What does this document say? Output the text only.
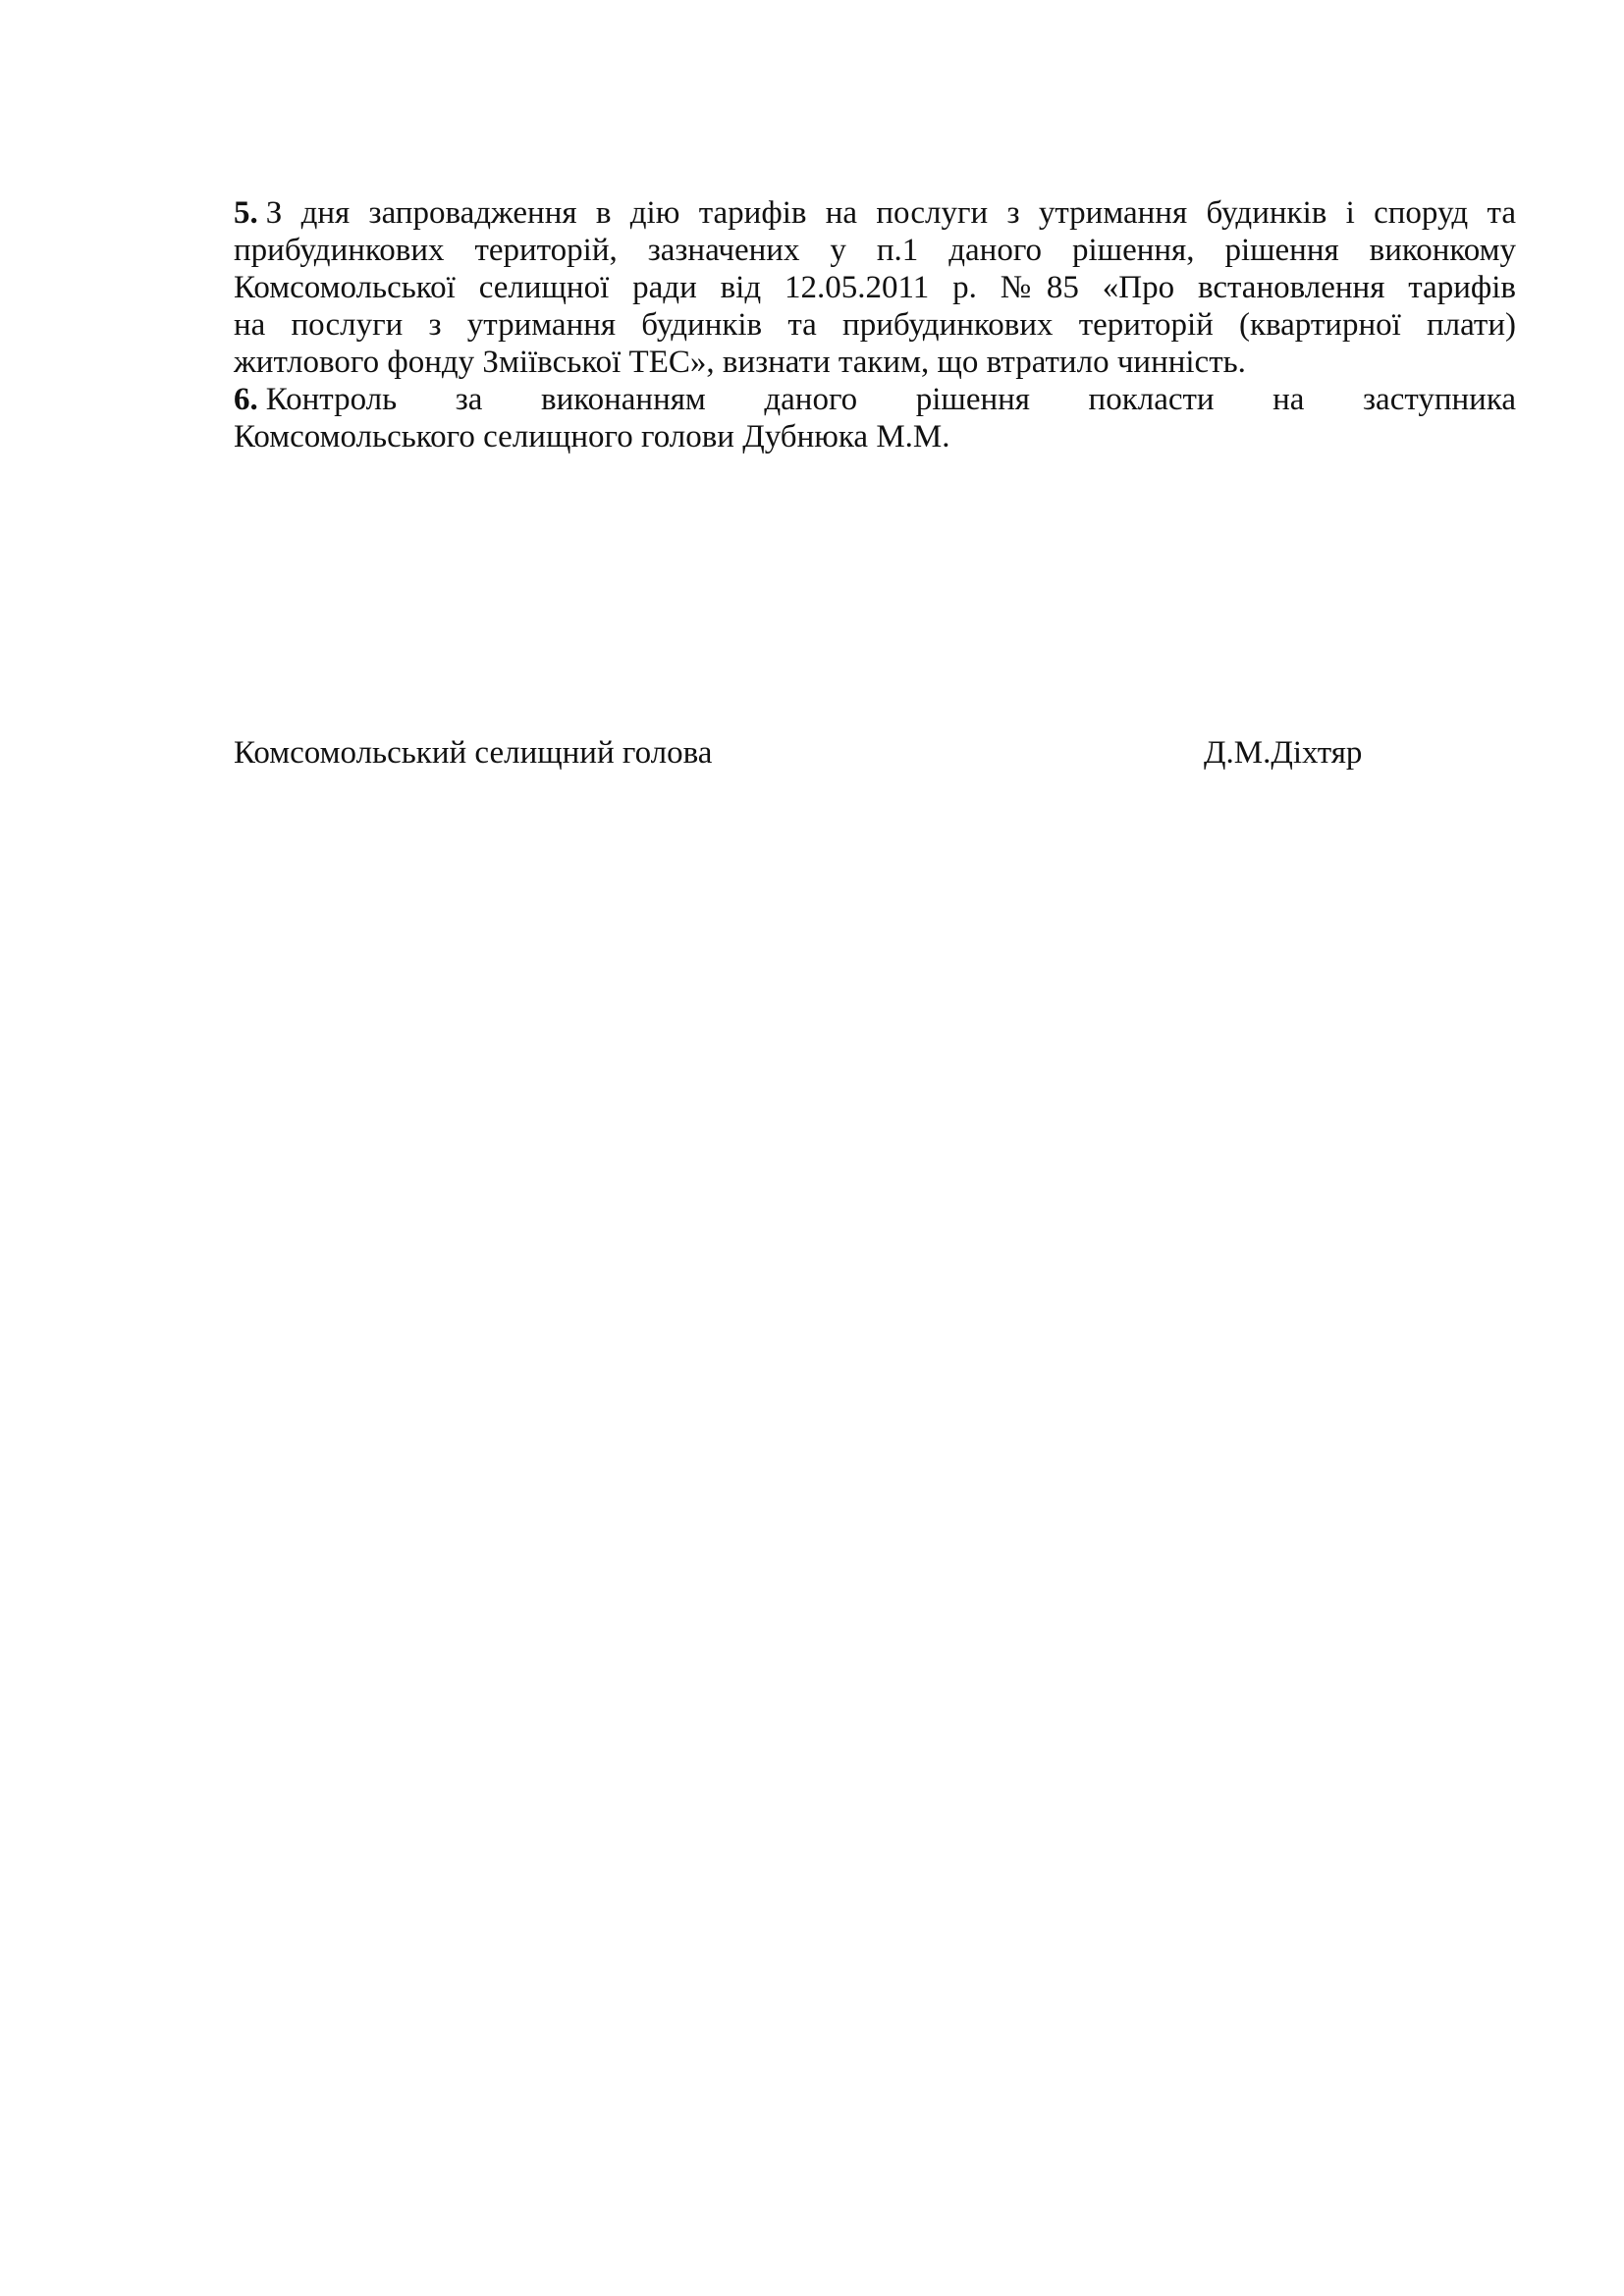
5. З дня запровадження в дію тарифів на послуги з утримання будинків і споруд та
прибудинкових територій, зазначених у п.1 даного рішення, рішення виконкому
Комсомольської селищної ради від 12.05.2011 р. №85 «Про встановлення тарифів
на послуги з утримання будинків та прибудинкових територій (квартирної плати)
житлового фонду Зміївської ТЕС», визнати таким, що втратило чинність.
6. Контроль за виконанням даного рішення покласти на заступника
Комсомольського селищного голови Дубнюка М.М.
Комсомольський селищний голова	Д.М.Діхтяр
